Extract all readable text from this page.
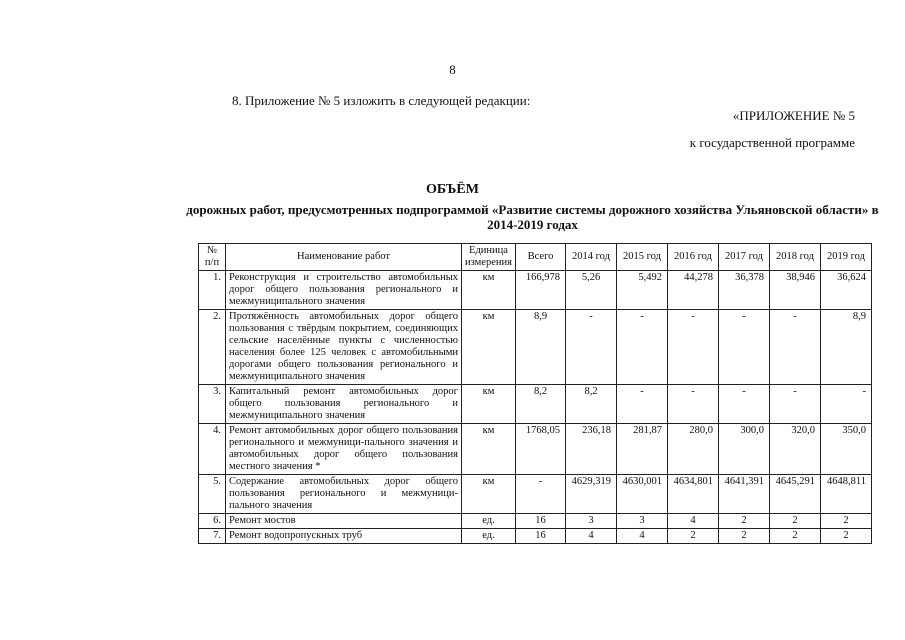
8
8. Приложение № 5 изложить в следующей редакции:
«ПРИЛОЖЕНИЕ № 5
к государственной программе
ОБЪЁМ
дорожных работ, предусмотренных подпрограммой «Развитие системы дорожного хозяйства Ульяновской области» в 2014-2019 годах
№ п/п	Наименование работ	Единица измерения	Всего	2014 год	2015 год	2016 год	2017 год	2018 год	2019 год
1.	Реконструкция и строительство автомобильных дорог общего пользования регионального и межмуниципального значения	км	166,978	5,26	5,492	44,278	36,378	38,946	36,624
2.	Протяжённость автомобильных дорог общего пользования с твёрдым покрытием, соединяющих сельские населённые пункты с численностью населения более 125 человек с автомобильными дорогами общего пользования регионального и межмуниципального значения	км	8,9	-	-	-	-	-	8,9
3.	Капитальный ремонт автомобильных дорог общего пользования регионального и межмуниципального значения	км	8,2	8,2	-	-	-	-	-
4.	Ремонт автомобильных дорог общего пользования регионального и межмуници-пального значения и автомобильных дорог общего пользования местного значения *	км	1768,05	236,18	281,87	280,0	300,0	320,0	350,0
5.	Содержание автомобильных дорог общего пользования регионального и межмуници-пального значения	км	-	4629,319	4630,001	4634,801	4641,391	4645,291	4648,811
6.	Ремонт мостов	ед.	16	3	3	4	2	2	2
7.	Ремонт водопропускных труб	ед.	16	4	4	2	2	2	2
